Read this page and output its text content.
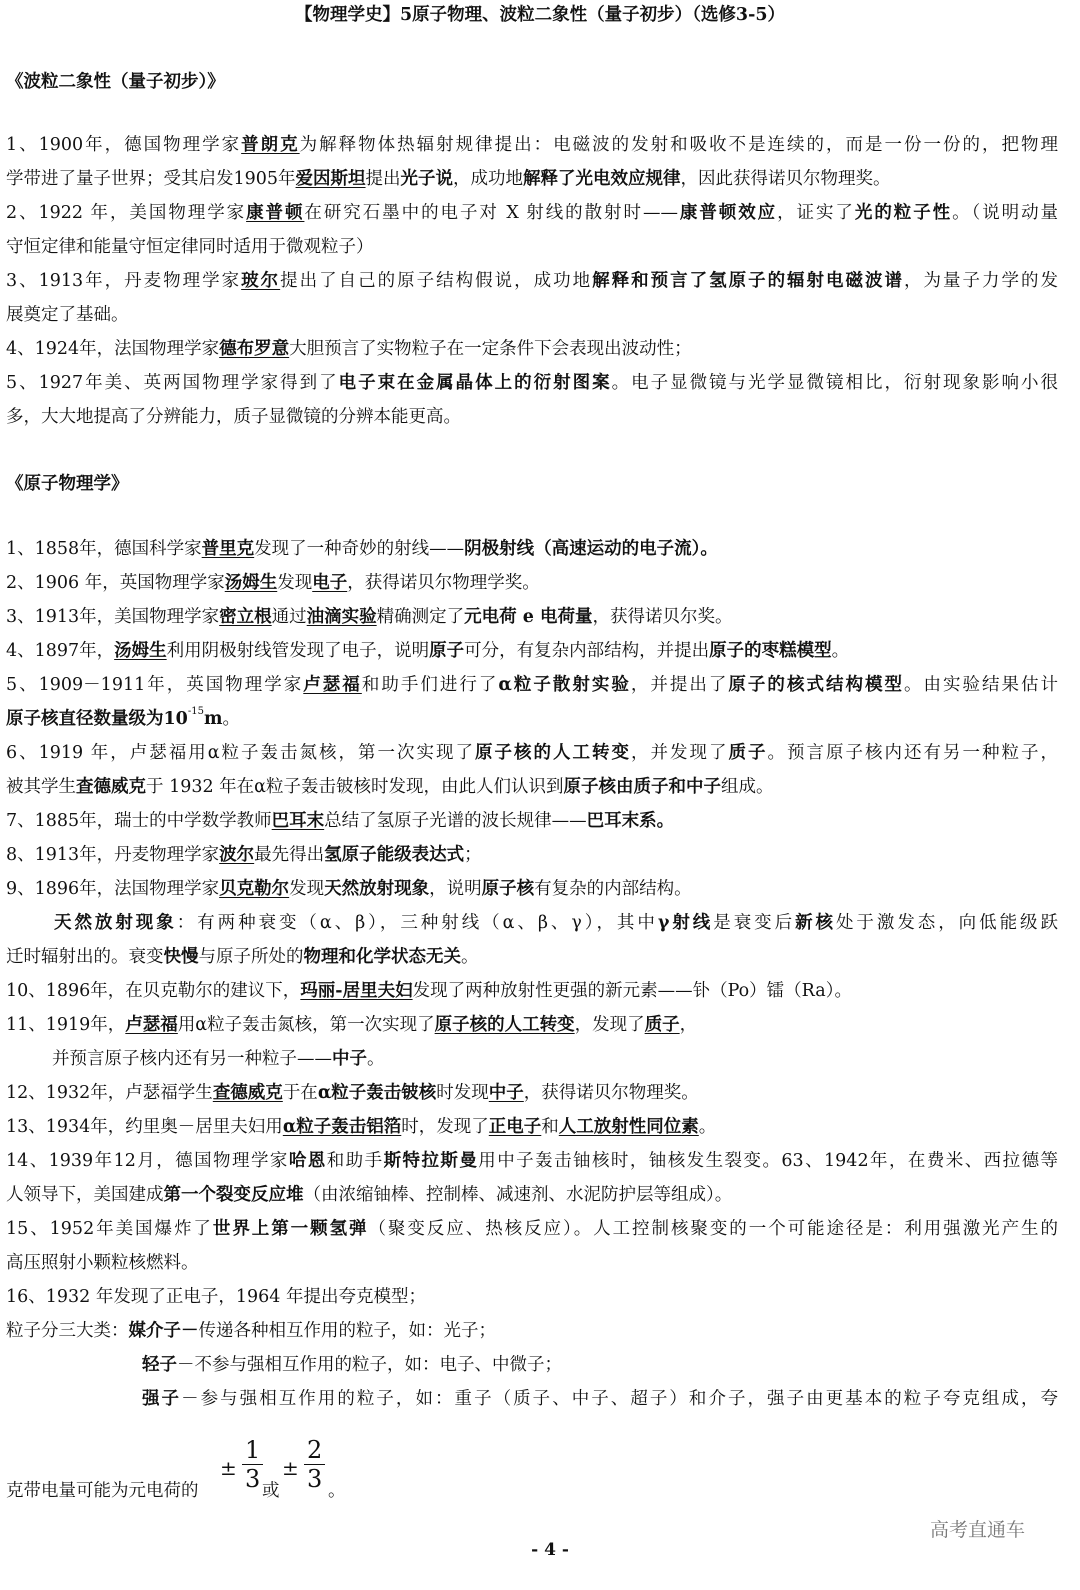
【物理学史】5原子物理、波粒二象性（量子初步）（选修3-5）
《波粒二象性（量子初步）》
1、1900年，德国物理学家普朗克为解释物体热辐射规律提出：电磁波的发射和吸收不是连续的，而是一份一份的，把物理
学带进了量子世界；受其启发1905年爱因斯坦提出光子说，成功地解释了光电效应规律，因此获得诺贝尔物理奖。
2、1922 年，美国物理学家康普顿在研究石墨中的电子对 X 射线的散射时——康普顿效应，证实了光的粒子性。（说明动量
守恒定律和能量守恒定律同时适用于微观粒子）
3、1913年，丹麦物理学家玻尔提出了自己的原子结构假说，成功地解释和预言了氢原子的辐射电磁波谱，为量子力学的发
展奠定了基础。
4、1924年，法国物理学家德布罗意大胆预言了实物粒子在一定条件下会表现出波动性；
5、1927年美、英两国物理学家得到了电子束在金属晶体上的衍射图案。电子显微镜与光学显微镜相比，衍射现象影响小很
多，大大地提高了分辨能力，质子显微镜的分辨本能更高。
《原子物理学》
1、1858年，德国科学家普里克发现了一种奇妙的射线——阴极射线（高速运动的电子流）。
2、1906 年，英国物理学家汤姆生发现电子，获得诺贝尔物理学奖。
3、1913年，美国物理学家密立根通过油滴实验精确测定了元电荷 e 电荷量，获得诺贝尔奖。
4、1897年，汤姆生利用阴极射线管发现了电子，说明原子可分，有复杂内部结构，并提出原子的枣糕模型。
5、1909－1911年，英国物理学家卢瑟福和助手们进行了α粒子散射实验，并提出了原子的核式结构模型。由实验结果估计
原子核直径数量级为$10^{-15}m$。
6、1919 年，卢瑟福用α粒子轰击氮核，第一次实现了原子核的人工转变，并发现了质子。预言原子核内还有另一种粒子，
被其学生查德威克于 1932 年在α粒子轰击铍核时发现，由此人们认识到原子核由质子和中子组成。
7、1885年，瑞士的中学数学教师巴耳末总结了氢原子光谱的波长规律——巴耳末系。
8、1913年，丹麦物理学家波尔最先得出氢原子能级表达式；
9、1896年，法国物理学家贝克勒尔发现天然放射现象，说明原子核有复杂的内部结构。
天然放射现象：有两种衰变（α、β），三种射线（α、β、γ），其中γ射线是衰变后新核处于激发态，向低能级跃
迁时辐射出的。衰变快慢与原子所处的物理和化学状态无关。
10、1896年，在贝克勒尔的建议下，玛丽-居里夫妇发现了两种放射性更强的新元素——钋（Po）镭（Ra）。
11、1919年，卢瑟福用α粒子轰击氮核，第一次实现了原子核的人工转变，发现了质子，
并预言原子核内还有另一种粒子——中子。
12、1932年，卢瑟福学生查德威克于在α粒子轰击铍核时发现中子，获得诺贝尔物理奖。
13、1934年，约里奥－居里夫妇用α粒子轰击铝箔时，发现了正电子和人工放射性同位素。
14、1939年12月，德国物理学家哈恩和助手斯特拉斯曼用中子轰击铀核时，铀核发生裂变。63、1942年，在费米、西拉德等
人领导下，美国建成第一个裂变反应堆（由浓缩铀棒、控制棒、减速剂、水泥防护层等组成）。
15、1952年美国爆炸了世界上第一颗氢弹（聚变反应、热核反应）。人工控制核聚变的一个可能途径是：利用强激光产生的
高压照射小颗粒核燃料。
16、1932 年发现了正电子，1964 年提出夸克模型；
粒子分三大类：媒介子－传递各种相互作用的粒子，如：光子；
轻子－不参与强相互作用的粒子，如：电子、中微子；
强子－参与强相互作用的粒子，如：重子（质子、中子、超子）和介子，强子由更基本的粒子夸克组成，夸
克带电量可能为元电荷的
±
1
3 或
±
2
3 。
高考直通车
- 4 -
